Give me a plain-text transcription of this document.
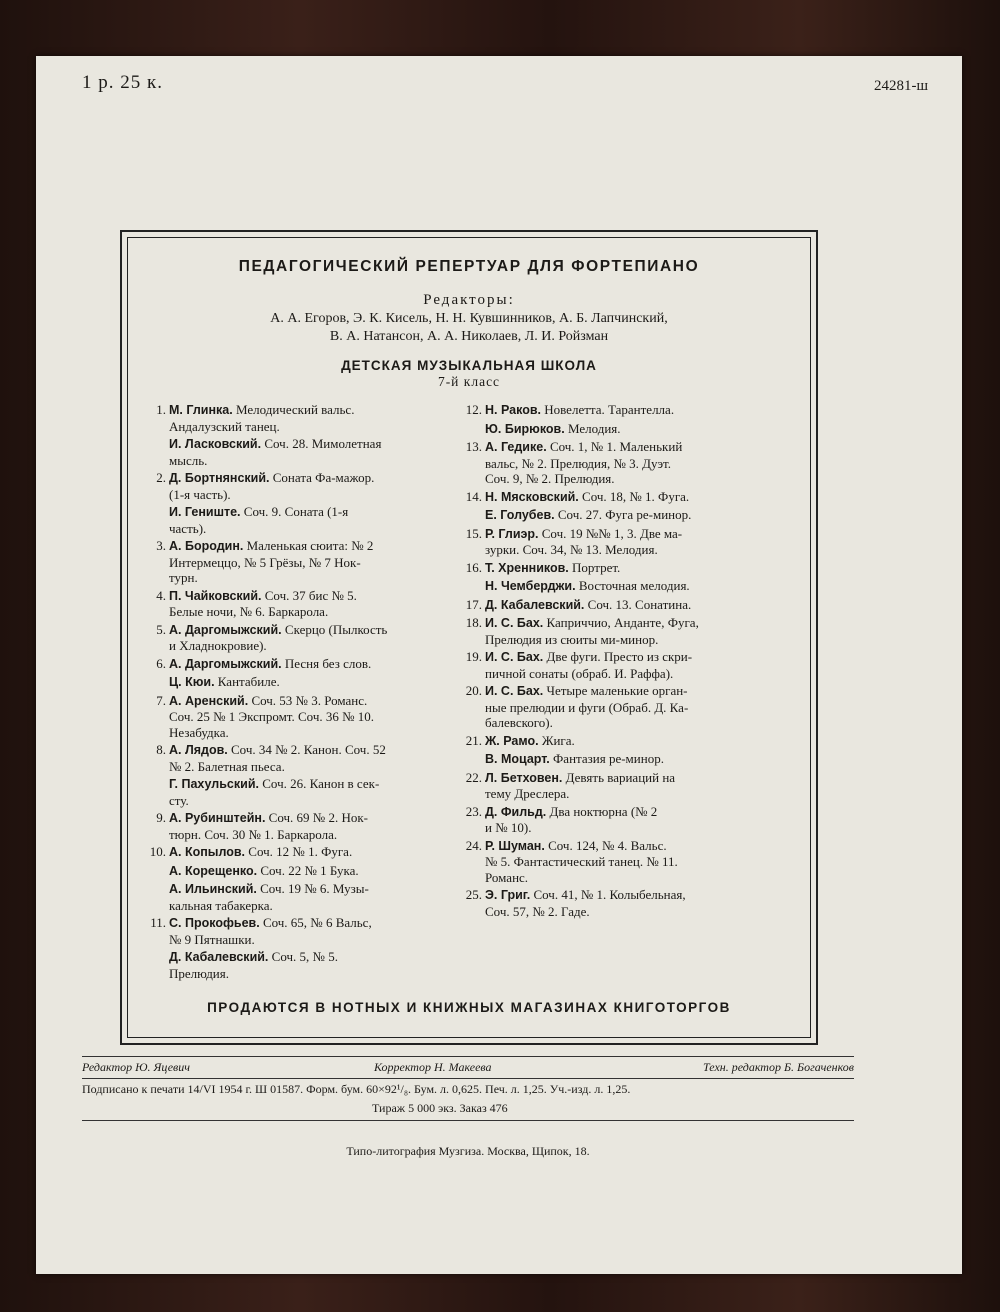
1 р. 25 к.	24281-ш
ПЕДАГОГИЧЕСКИЙ РЕПЕРТУАР ДЛЯ ФОРТЕПИАНО
Редакторы:
А. А. Егоров, Э. К. Кисель, Н. Н. Кувшинников, А. Б. Лапчинский,
В. А. Натансон, А. А. Николаев, Л. И. Ройзман
ДЕТСКАЯ МУЗЫКАЛЬНАЯ ШКОЛА
7-й класс
1. М. Глинка. Мелодический вальс.
Андалузский танец.
И. Ласковский. Соч. 28. Мимолетная
мысль.
2. Д. Бортнянский. Соната Фа-мажор.
(1-я часть).
И. Гениште. Соч. 9. Соната (1-я
часть).
3. А. Бородин. Маленькая сюита: № 2
Интермеццо, № 5 Грёзы, № 7 Нок-
турн.
4. П. Чайковский. Соч. 37 бис № 5.
Белые ночи, № 6. Баркарола.
5. А. Даргомыжский. Скерцо (Пылкость
и Хладнокровие).
6. А. Даргомыжский. Песня без слов.
Ц. Кюи. Кантабиле.
7. А. Аренский. Соч. 53 № 3. Романс.
Соч. 25 № 1 Экспромт. Соч. 36 № 10.
Незабудка.
8. А. Лядов. Соч. 34 № 2. Канон. Соч. 52
№ 2. Балетная пьеса.
Г. Пахульский. Соч. 26. Канон в сек-
сту.
9. А. Рубинштейн. Соч. 69 № 2. Нок-
тюрн. Соч. 30 № 1. Баркарола.
10. А. Копылов. Соч. 12 № 1. Фуга.
А. Корещенко. Соч. 22 № 1 Бука.
А. Ильинский. Соч. 19 № 6. Музы-
кальная табакерка.
11. С. Прокофьев. Соч. 65, № 6 Вальс,
№ 9 Пятнашки.
Д. Кабалевский. Соч. 5, № 5.
Прелюдия.
12. Н. Раков. Новелетта. Тарантелла.
Ю. Бирюков. Мелодия.
13. А. Гедике. Соч. 1, № 1. Маленький
вальс, № 2. Прелюдия, № 3. Дуэт.
Соч. 9, № 2. Прелюдия.
14. Н. Мясковский. Соч. 18, № 1. Фуга.
Е. Голубев. Соч. 27. Фуга ре-минор.
15. Р. Глиэр. Соч. 19 №№ 1, 3. Две ма-
зурки. Соч. 34, № 13. Мелодия.
16. Т. Хренников. Портрет.
Н. Чемберджи. Восточная мелодия.
17. Д. Кабалевский. Соч. 13. Сонатина.
18. И. С. Бах. Каприччио, Анданте, Фуга,
Прелюдия из сюиты ми-минор.
19. И. С. Бах. Две фуги. Престо из скри-
пичной сонаты (обраб. И. Раффа).
20. И. С. Бах. Четыре маленькие орган-
ные прелюдии и фуги (Обраб. Д. Ка-
балевского).
21. Ж. Рамо. Жига.
В. Моцарт. Фантазия ре-минор.
22. Л. Бетховен. Девять вариаций на
тему Дреслера.
23. Д. Фильд. Два ноктюрна (№ 2
и № 10).
24. Р. Шуман. Соч. 124, № 4. Вальс.
№ 5. Фантастический танец. № 11.
Романс.
25. Э. Григ. Соч. 41, № 1. Колыбельная,
Соч. 57, № 2. Гаде.
ПРОДАЮТСЯ В НОТНЫХ И КНИЖНЫХ МАГАЗИНАХ КНИГОТОРГОВ
Редактор Ю. Яцевич	Корректор Н. Макеева	Техн. редактор Б. Богаченков
Подписано к печати 14/VI 1954 г. Ш 01587. Форм. бум. 60×92¹/₈. Бум. л. 0,625. Печ. л. 1,25. Уч.-изд. л. 1,25.
Тираж 5 000 экз. Заказ 476
Типо-литография Музгиза. Москва, Щипок, 18.
